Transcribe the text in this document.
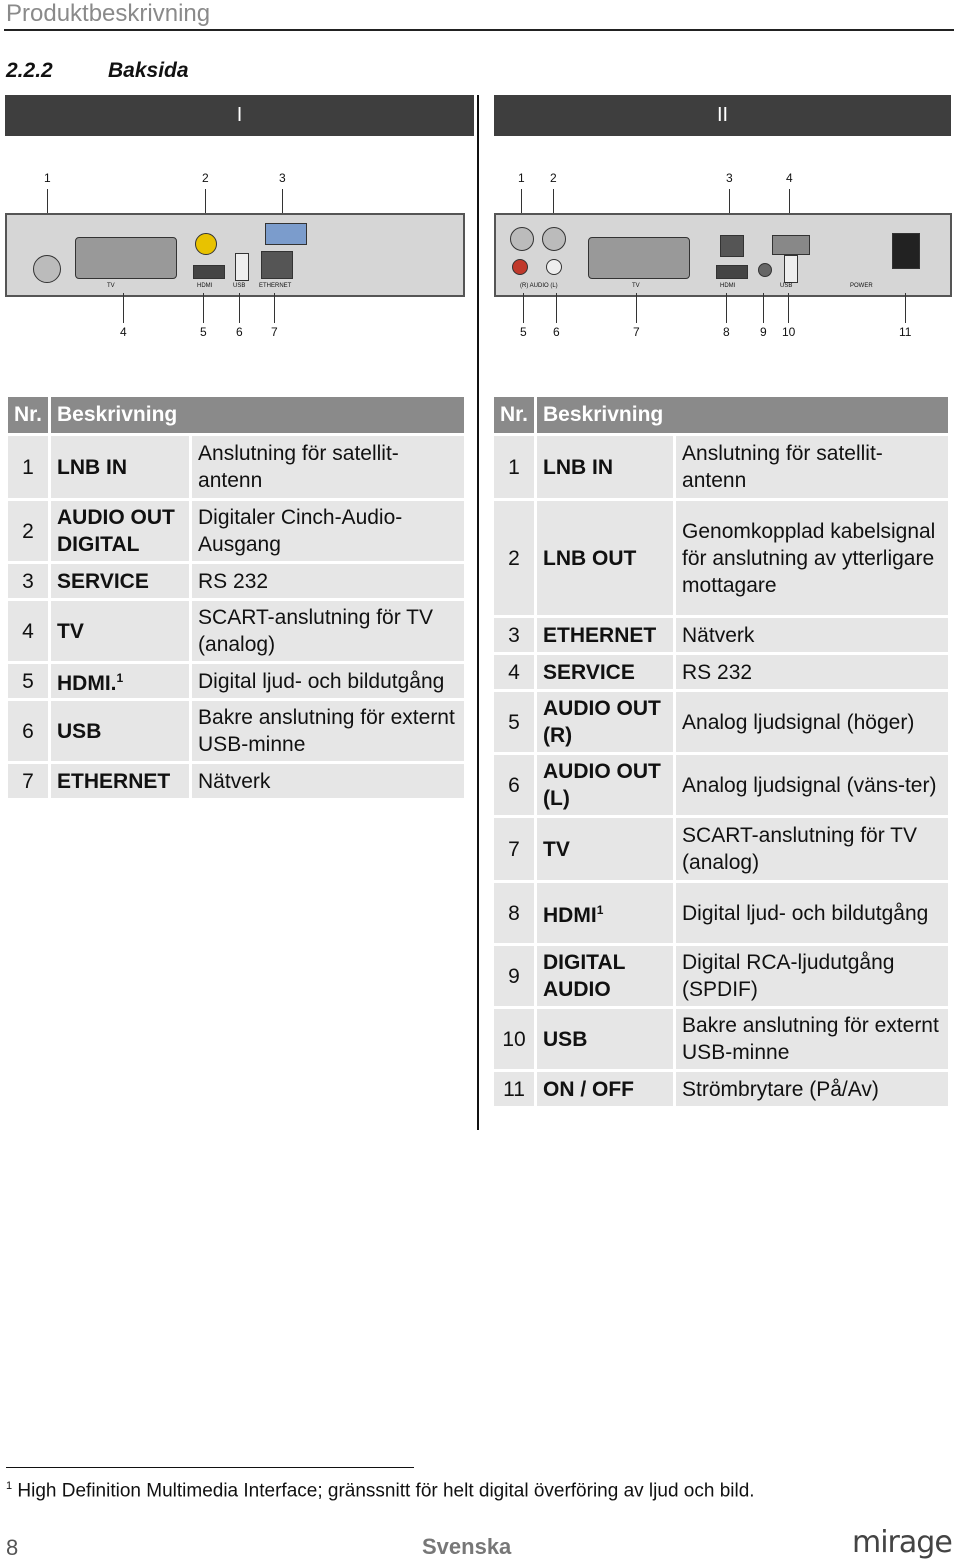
Produktbeskrivning
2.2.2	Baksida
I	II
1	2	3
TV	HDMI	USB ETHERNET
4	5 6 7
1 2	3	4
(R) AUDIO (L)	TV	HDMI	USB	POWER
5 6	7	8	9 10	11
Nr.	Beskrivning	
1	LNB IN	Anslutning för satellit-antenn
2	AUDIO OUT DIGITAL	Digitaler Cinch-Audio-Ausgang
3	SERVICE	RS 232
4	TV	SCART-anslutning för TV (analog)
5	HDMI.$^1$	Digital ljud- och bildutgång
6	USB	Bakre anslutning för externt USB-minne
7	ETHERNET	Nätverk
Nr.	Beskrivning	
1	LNB IN	Anslutning för satellit-antenn
2	LNB OUT	Genomkopplad kabelsignal för anslutning av ytterligare mottagare
3	ETHERNET	Nätverk
4	SERVICE	RS 232
5	AUDIO OUT (R)	Analog ljudsignal (höger)
6	AUDIO OUT (L)	Analog ljudsignal (väns-ter)
7	TV	SCART-anslutning för TV (analog)
8	HDMI$^1$	Digital ljud- och bildutgång
9	DIGITAL AUDIO	Digital RCA-ljudutgång (SPDIF)
10	USB	Bakre anslutning för externt USB-minne
11	ON / OFF	Strömbrytare (På/Av)
$^1$ High Definition Multimedia Interface; gränssnitt för helt digital överföring av ljud och bild.
8	Svenska	mirage
